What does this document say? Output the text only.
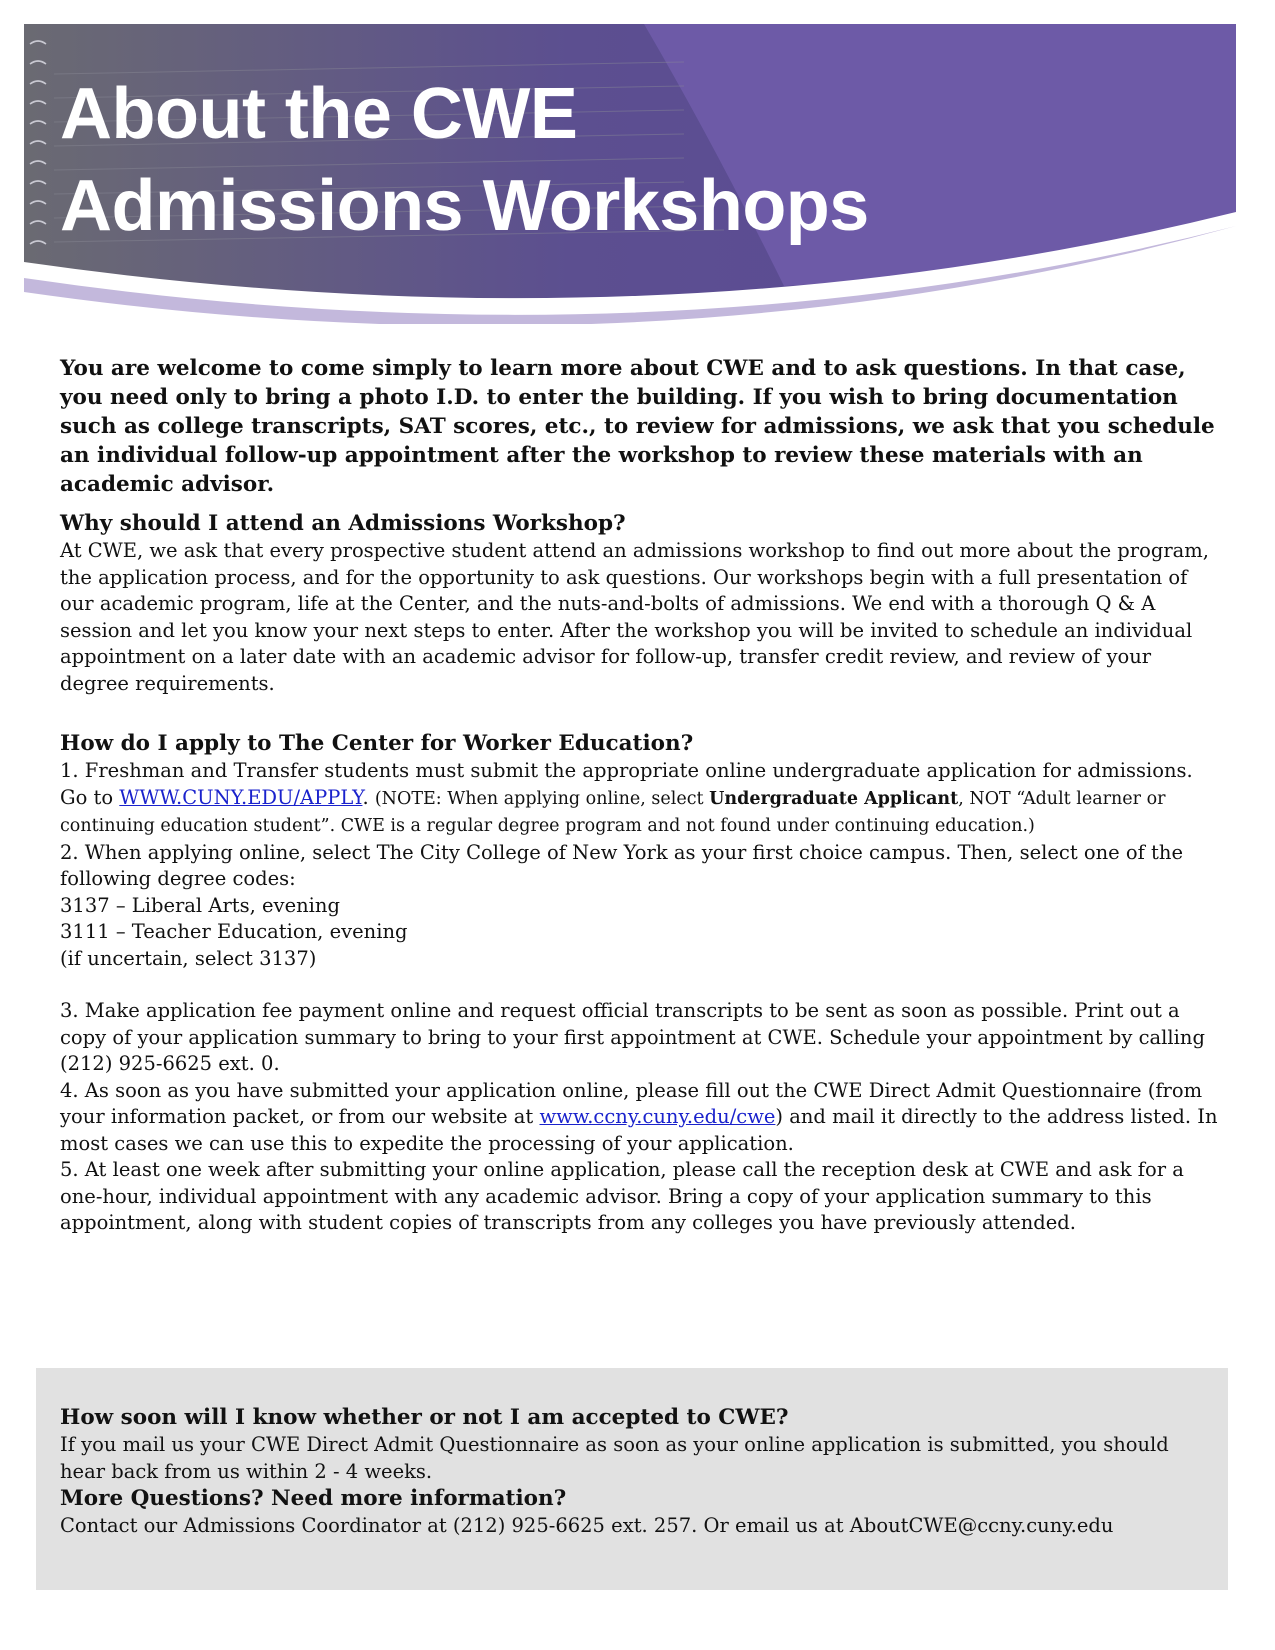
About the CWE
Admissions Workshops

You are welcome to come simply to learn more about CWE and to ask questions. In that case, you need only to bring a photo I.D. to enter the building. If you wish to bring documentation such as college transcripts, SAT scores, etc., to review for admissions, we ask that you schedule an individual follow-up appointment after the workshop to review these materials with an academic advisor.

Why should I attend an Admissions Workshop?

At CWE, we ask that every prospective student attend an admissions workshop to find out more about the program, the application process, and for the opportunity to ask questions. Our workshops begin with a full presentation of our academic program, life at the Center, and the nuts-and-bolts of admissions. We end with a thorough Q & A session and let you know your next steps to enter. After the workshop you will be invited to schedule an individual appointment on a later date with an academic advisor for follow-up, transfer credit review, and review of your degree requirements.

How do I apply to The Center for Worker Education?

1. Freshman and Transfer students must submit the appropriate online undergraduate application for admissions. Go to WWW.CUNY.EDU/APPLY. (NOTE: When applying online, select Undergraduate Applicant, NOT “Adult learner or continuing education student”. CWE is a regular degree program and not found under continuing education.)

2. When applying online, select The City College of New York as your first choice campus. Then, select one of the following degree codes:
3137 – Liberal Arts, evening
3111 – Teacher Education, evening
(if uncertain, select 3137)

3. Make application fee payment online and request official transcripts to be sent as soon as possible. Print out a copy of your application summary to bring to your first appointment at CWE. Schedule your appointment by calling (212) 925-6625 ext. 0.

4. As soon as you have submitted your application online, please fill out the CWE Direct Admit Questionnaire (from your information packet, or from our website at www.ccny.cuny.edu/cwe) and mail it directly to the address listed. In most cases we can use this to expedite the processing of your application.

5. At least one week after submitting your online application, please call the reception desk at CWE and ask for a one-hour, individual appointment with any academic advisor. Bring a copy of your application summary to this appointment, along with student copies of transcripts from any colleges you have previously attended.

How soon will I know whether or not I am accepted to CWE?

If you mail us your CWE Direct Admit Questionnaire as soon as your online application is submitted, you should hear back from us within 2 - 4 weeks.

More Questions? Need more information?

Contact our Admissions Coordinator at (212) 925-6625 ext. 257. Or email us at AboutCWE@ccny.cuny.edu
